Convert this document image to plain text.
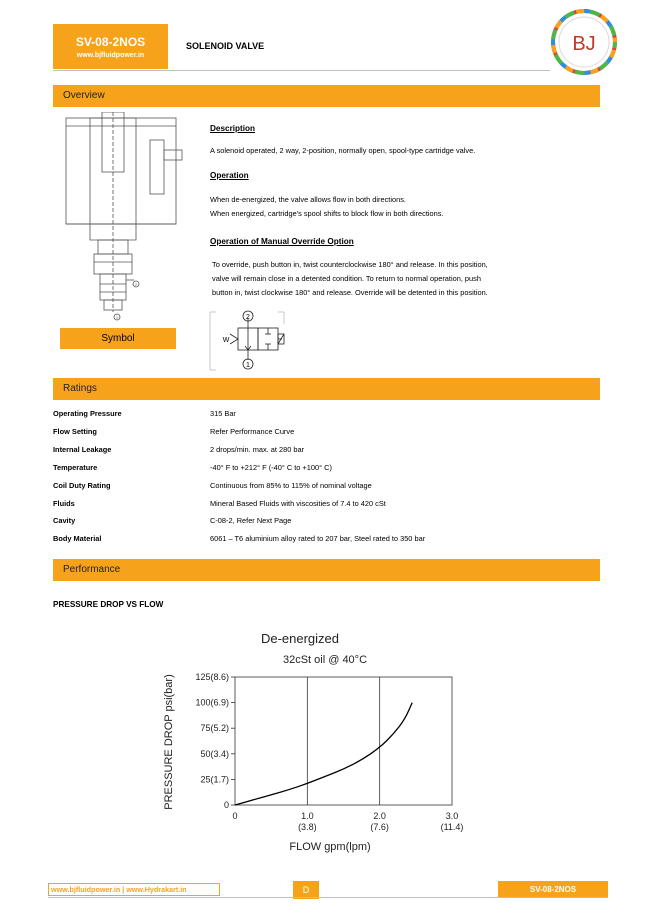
SV-08-2NOS
www.bjfluidpower.in
SOLENOID VALVE	BJ
Overview
1
2
Symbol
Description
A solenoid operated, 2 way, 2-position, normally open, spool-type cartridge valve.
Operation
When de-energized, the valve allows flow in both directions.
When energized, cartridge's spool shifts to block flow in both directions.
Operation of Manual Override Option
To override, push button in, twist counterclockwise 180° and release. In this position,
valve will remain close in a detented condition. To return to normal operation, push
button in, twist clockwise 180° and release. Override will be detented in this position.
2
1
W
Ratings
Operating Pressure	315 Bar
Flow Setting	Refer Performance Curve
Internal Leakage	2 drops/min. max. at 280 bar
Temperature	-40° F to +212° F (-40° C to +100° C)
Coil Duty Rating	Continuous from 85% to 115% of nominal voltage
Fluids	Mineral Based Fluids with viscosities of 7.4 to 420 cSt
Cavity	C-08-2, Refer Next Page
Body Material	6061 – T6 aluminium alloy rated to 207 bar, Steel rated to 350 bar
Performance
PRESSURE DROP VS FLOW
De-energized
32cSt oil @ 40°C
PRESSURE DROP psi(bar)
FLOW gpm(lpm)
0	1.0
(3.8)
2.0
(7.6)
3.0
(11.4)
0
25(1.7)
50(3.4)
75(5.2)
100(6.9)
125(8.6)
www.bjfluidpower.in | www.Hydrakart.in	D	SV-08-2NOS
